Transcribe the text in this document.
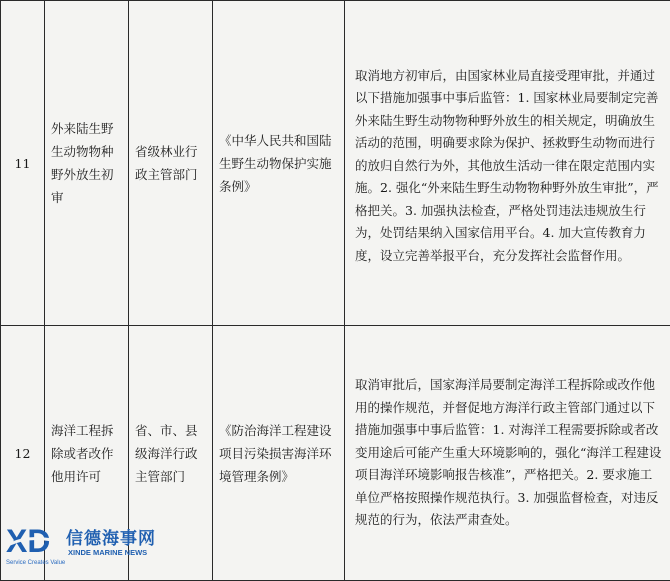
11	外来陆生野生动物物种野外放生初审	省级林业行政主管部门	《中华人民共和国陆生野生动物保护实施条例》	取消地方初审后，由国家林业局直接受理审批，并通过以下措施加强事中事后监管：1. 国家林业局要制定完善外来陆生野生动物物种野外放生的相关规定，明确放生活动的范围，明确要求除为保护、拯救野生动物而进行的放归自然行为外，其他放生活动一律在限定范围内实施。2. 强化“外来陆生野生动物物种野外放生审批”，严格把关。3. 加强执法检查，严格处罚违法违规放生行为，处罚结果纳入国家信用平台。4. 加大宣传教育力度，设立完善举报平台，充分发挥社会监督作用。
12	海洋工程拆除或者改作他用许可	省、市、县级海洋行政主管部门	《防治海洋工程建设项目污染损害海洋环境管理条例》	取消审批后，国家海洋局要制定海洋工程拆除或改作他用的操作规范，并督促地方海洋行政主管部门通过以下措施加强事中事后监管：1. 对海洋工程需要拆除或者改变用途后可能产生重大环境影响的，强化“海洋工程建设项目海洋环境影响报告核准”，严格把关。2. 要求施工单位严格按照操作规范执行。3. 加强监督检查，对违反规范的行为，依法严肃查处。
XD 信德海事网
XINDE MARINE NEWS
Service Creates Value
